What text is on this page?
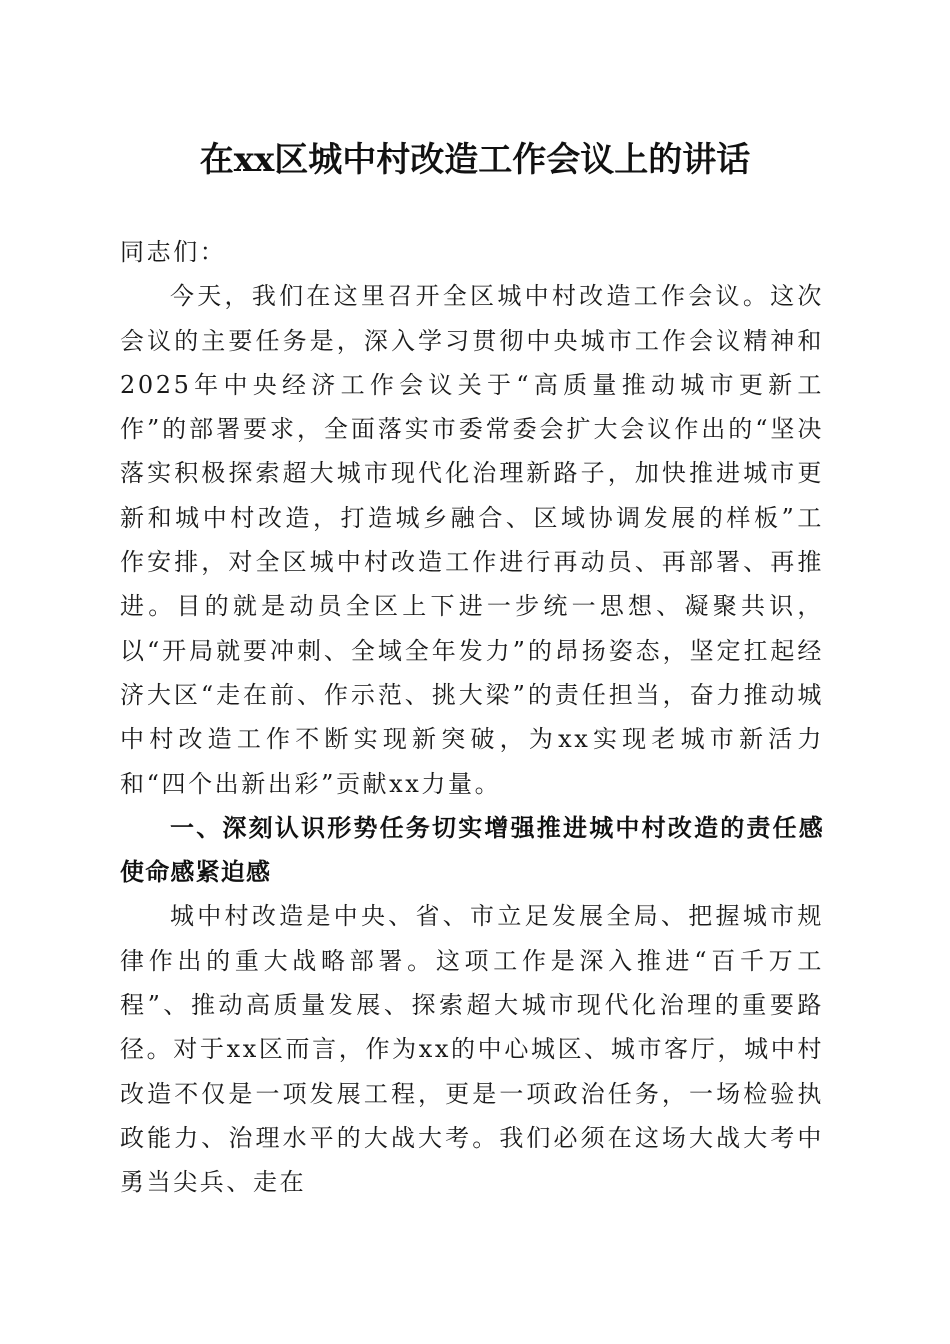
在xx区城中村改造工作会议上的讲话

同志们：

今天，我们在这里召开全区城中村改造工作会议。这次会议的主要任务是，深入学习贯彻中央城市工作会议精神和2025年中央经济工作会议关于“高质量推动城市更新工作”的部署要求，全面落实市委常委会扩大会议作出的“坚决落实积极探索超大城市现代化治理新路子，加快推进城市更新和城中村改造，打造城乡融合、区域协调发展的样板”工作安排，对全区城中村改造工作进行再动员、再部署、再推进。目的就是动员全区上下进一步统一思想、凝聚共识，以“开局就要冲刺、全域全年发力”的昂扬姿态，坚定扛起经济大区“走在前、作示范、挑大梁”的责任担当，奋力推动城中村改造工作不断实现新突破，为xx实现老城市新活力和“四个出新出彩”贡献xx力量。

一、深刻认识形势任务切实增强推进城中村改造的责任感使命感紧迫感

城中村改造是中央、省、市立足发展全局、把握城市规律作出的重大战略部署。这项工作是深入推进“百千万工程”、推动高质量发展、探索超大城市现代化治理的重要路径。对于xx区而言，作为xx的中心城区、城市客厅，城中村改造不仅是一项发展工程，更是一项政治任务，一场检验执政能力、治理水平的大战大考。我们必须在这场大战大考中勇当尖兵、走在
